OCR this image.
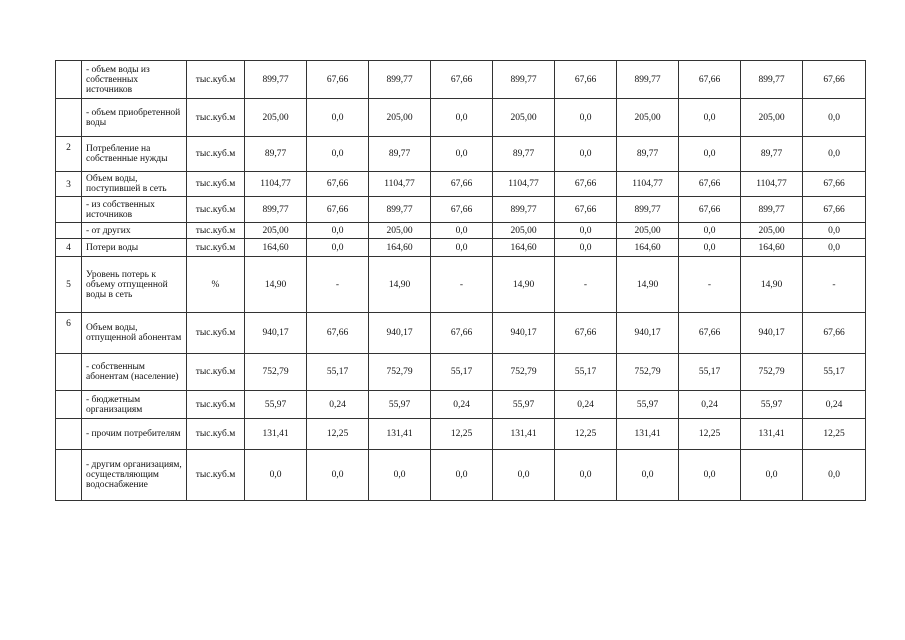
	- объем воды из собственных источников	тыс.куб.м	899,77	67,66	899,77	67,66	899,77	67,66	899,77	67,66	899,77	67,66
	- объем приобретенной воды	тыс.куб.м	205,00	0,0	205,00	0,0	205,00	0,0	205,00	0,0	205,00	0,0
2	Потребление на собственные нужды	тыс.куб.м	89,77	0,0	89,77	0,0	89,77	0,0	89,77	0,0	89,77	0,0
3	Объем воды, поступившей в сеть	тыс.куб.м	1104,77	67,66	1104,77	67,66	1104,77	67,66	1104,77	67,66	1104,77	67,66
	- из собственных источников	тыс.куб.м	899,77	67,66	899,77	67,66	899,77	67,66	899,77	67,66	899,77	67,66
	- от других	тыс.куб.м	205,00	0,0	205,00	0,0	205,00	0,0	205,00	0,0	205,00	0,0
4	Потери воды	тыс.куб.м	164,60	0,0	164,60	0,0	164,60	0,0	164,60	0,0	164,60	0,0
5	Уровень потерь к объему отпущенной воды в сеть	%	14,90	-	14,90	-	14,90	-	14,90	-	14,90	-
6	Объем воды, отпущенной абонентам	тыс.куб.м	940,17	67,66	940,17	67,66	940,17	67,66	940,17	67,66	940,17	67,66
	- собственным абонентам (население)	тыс.куб.м	752,79	55,17	752,79	55,17	752,79	55,17	752,79	55,17	752,79	55,17
	- бюджетным организациям	тыс.куб.м	55,97	0,24	55,97	0,24	55,97	0,24	55,97	0,24	55,97	0,24
	- прочим потребителям	тыс.куб.м	131,41	12,25	131,41	12,25	131,41	12,25	131,41	12,25	131,41	12,25
	- другим организациям, осуществляющим водоснабжение	тыс.куб.м	0,0	0,0	0,0	0,0	0,0	0,0	0,0	0,0	0,0	0,0
